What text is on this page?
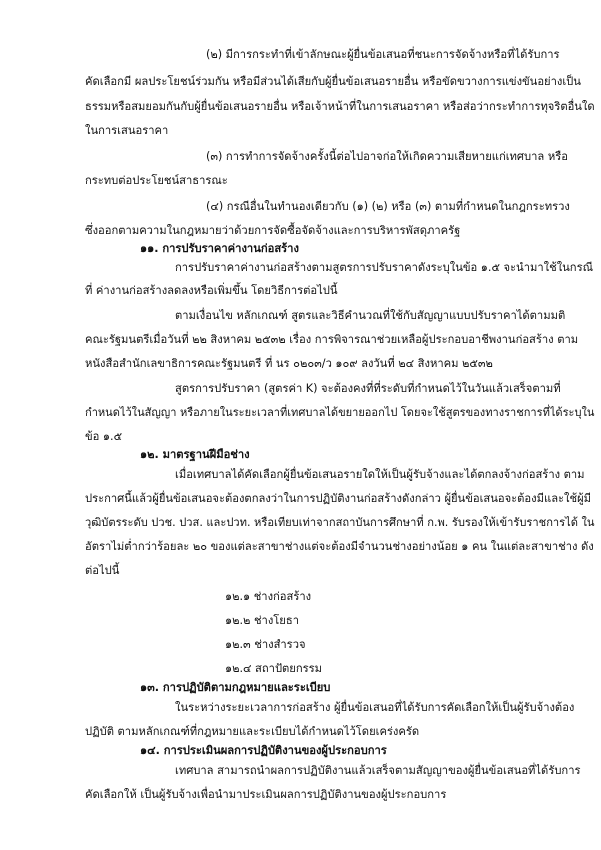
(๒) มีการกระทำที่เข้าลักษณะผู้ยื่นข้อเสนอที่ชนะการจัดจ้างหรือที่ได้รับการ
คัดเลือกมี ผลประโยชน์ร่วมกัน หรือมีส่วนได้เสียกับผู้ยื่นข้อเสนอรายอื่น หรือขัดขวางการแข่งขันอย่างเป็น
ธรรมหรือสมยอมกันกับผู้ยื่นข้อเสนอรายอื่น หรือเจ้าหน้าที่ในการเสนอราคา หรือส่อว่ากระทำการทุจริตอื่นใด
ในการเสนอราคา
(๓) การทำการจัดจ้างครั้งนี้ต่อไปอาจก่อให้เกิดความเสียหายแก่เทศบาล หรือ
กระทบต่อประโยชน์สาธารณะ
(๔) กรณีอื่นในทำนองเดียวกับ (๑) (๒) หรือ (๓) ตามที่กำหนดในกฎกระทรวง
ซึ่งออกตามความในกฎหมายว่าด้วยการจัดซื้อจัดจ้างและการบริหารพัสดุภาครัฐ
๑๑. การปรับราคาค่างานก่อสร้าง
การปรับราคาค่างานก่อสร้างตามสูตรการปรับราคาดังระบุในข้อ ๑.๕ จะนำมาใช้ในกรณี
ที่ ค่างานก่อสร้างลดลงหรือเพิ่มขึ้น โดยวิธีการต่อไปนี้
ตามเงื่อนไข หลักเกณฑ์ สูตรและวิธีคำนวณที่ใช้กับสัญญาแบบปรับราคาได้ตามมติ
คณะรัฐมนตรีเมื่อวันที่ ๒๒ สิงหาคม ๒๕๓๒ เรื่อง การพิจารณาช่วยเหลือผู้ประกอบอาชีพงานก่อสร้าง ตาม
หนังสือสำนักเลขาธิการคณะรัฐมนตรี ที่ นร ๐๒๐๓/ว ๑๐๙ ลงวันที่ ๒๔ สิงหาคม ๒๕๓๒
สูตรการปรับราคา (สูตรค่า K) จะต้องคงที่ที่ระดับที่กำหนดไว้ในวันแล้วเสร็จตามที่
กำหนดไว้ในสัญญา หรือภายในระยะเวลาที่เทศบาลได้ขยายออกไป โดยจะใช้สูตรของทางราชการที่ได้ระบุใน
ข้อ ๑.๕
๑๒. มาตรฐานฝีมือช่าง
เมื่อเทศบาลได้คัดเลือกผู้ยื่นข้อเสนอรายใดให้เป็นผู้รับจ้างและได้ตกลงจ้างก่อสร้าง ตาม
ประกาศนี้แล้วผู้ยื่นข้อเสนอจะต้องตกลงว่าในการปฏิบัติงานก่อสร้างดังกล่าว ผู้ยื่นข้อเสนอจะต้องมีและใช้ผู้มี
วุฒิบัตรระดับ ปวช. ปวส. และปวท. หรือเทียบเท่าจากสถาบันการศึกษาที่ ก.พ. รับรองให้เข้ารับราชการได้ ใน
อัตราไม่ต่ำกว่าร้อยละ ๒๐ ของแต่ละสาขาช่างแต่จะต้องมีจำนวนช่างอย่างน้อย ๑ คน ในแต่ละสาขาช่าง ดัง
ต่อไปนี้
๑๒.๑ ช่างก่อสร้าง
๑๒.๒ ช่างโยธา
๑๒.๓ ช่างสำรวจ
๑๒.๔ สถาปัตยกรรม
๑๓. การปฏิบัติตามกฎหมายและระเบียบ
ในระหว่างระยะเวลาการก่อสร้าง ผู้ยื่นข้อเสนอที่ได้รับการคัดเลือกให้เป็นผู้รับจ้างต้อง
ปฏิบัติ ตามหลักเกณฑ์ที่กฎหมายและระเบียบได้กำหนดไว้โดยเคร่งครัด
๑๔. การประเมินผลการปฏิบัติงานของผู้ประกอบการ
เทศบาล สามารถนำผลการปฏิบัติงานแล้วเสร็จตามสัญญาของผู้ยื่นข้อเสนอที่ได้รับการ
คัดเลือกให้ เป็นผู้รับจ้างเพื่อนำมาประเมินผลการปฏิบัติงานของผู้ประกอบการ
